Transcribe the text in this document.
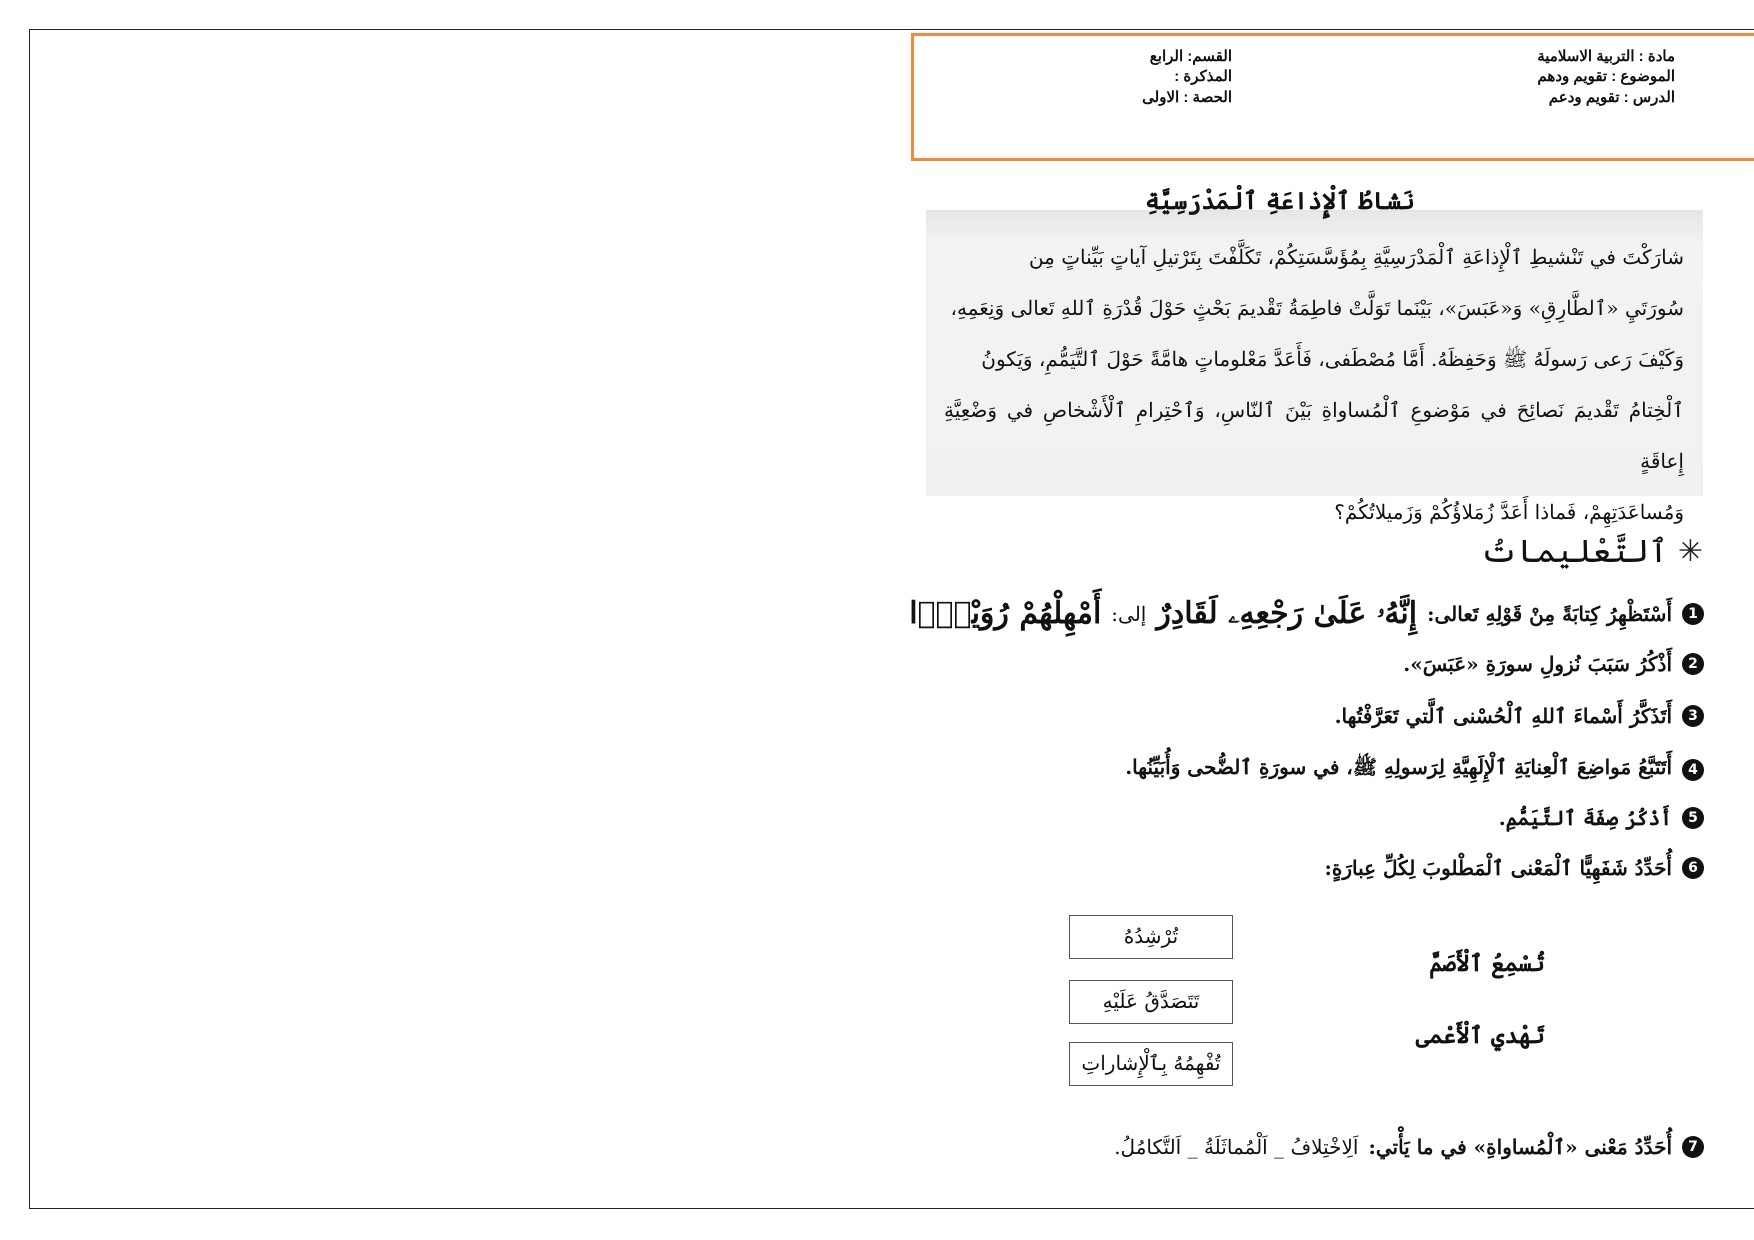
مادة : التربية الاسلامية
الموضوع : تقويم ودهم
الدرس : تقويم ودعم
القسم: الرابع
المذكرة :
الحصة : الاولى
نَشاطُ ٱلْإِذاعَةِ ٱلْمَدْرَسِيَّةِ
شارَكْتَ في تَنْشيطِ ٱلْإِذاعَةِ ٱلْمَدْرَسِيَّةِ بِمُؤَسَّسَتِكُمْ، تَكَلَّفْتَ بِتَرْتيلِ آياتٍ بَيِّناتٍ مِن
سُورَتَيِ «ٱلطَّارِقِ» وَ«عَبَسَ»، بَيْنَما تَوَلَّتْ فاطِمَةُ تَقْديمَ بَحْثٍ حَوْلَ قُدْرَةِ ٱللهِ تَعالى وَنِعَمِهِ،
وَكَيْفَ رَعى رَسولَهُ ﷺ وَحَفِظَهُ. أَمَّا مُصْطَفى، فَأَعَدَّ مَعْلوماتٍ هامَّةً حَوْلَ ٱلتَّيَمُّمِ، وَيَكونُ
ٱلْخِتامُ تَقْديمَ نَصائِحَ في مَوْضوعِ ٱلْمُساواةِ بَيْنَ ٱلنّاسِ، وَٱحْتِرامِ ٱلْأَشْخاصِ في وَضْعِيَّةِ إِعاقَةٍ
وَمُساعَدَتِهِمْ، فَماذا أَعَدَّ زُمَلاؤُكُمْ وَزَميلاتُكُمْ؟
✳
ٱلتَّعْليماتُ
1
أَسْتَظْهِرُ كِتابَةً مِنْ قَوْلِهِ تَعالى:
إِنَّهُۥ عَلَىٰ رَجْعِهِۦ لَقَادِرٌ
إلى:
أَمْهِلْهُمْ رُوَيْدًۢا
2
أَذْكُرُ سَبَبَ نُزولِ سورَةِ «عَبَسَ».
3
أَتَذَكَّرُ أَسْماءَ ٱللهِ ٱلْحُسْنى ٱلَّتي تَعَرَّفْتُها.
4
أَتَتَبَّعُ مَواضِعَ ٱلْعِنايَةِ ٱلْإِلَهِيَّةِ لِرَسولِهِ ﷺ، في سورَةِ ٱلضُّحى وَأُبَيِّنُها.
5
أَذْكُرُ صِفَةَ ٱلتَّيَمُّمِ.
6
أُحَدِّدُ شَفَهِيًّا ٱلْمَعْنى ٱلْمَطْلوبَ لِكُلِّ عِبارَةٍ:
تُرْشِدُهُ
تَتَصَدَّقُ عَلَيْهِ
تُفْهِمُهُ بِٱلْإِشاراتِ
تُسْمِعُ ٱلْأَصَمَّ
تَهْدي ٱلْأَعْمى
7
أُحَدِّدُ مَعْنى «ٱلْمُساواةِ» في ما يَأْتي:
اَلِاخْتِلافُ _ اَلْمُماثَلَةُ _ اَلتَّكامُلُ.
